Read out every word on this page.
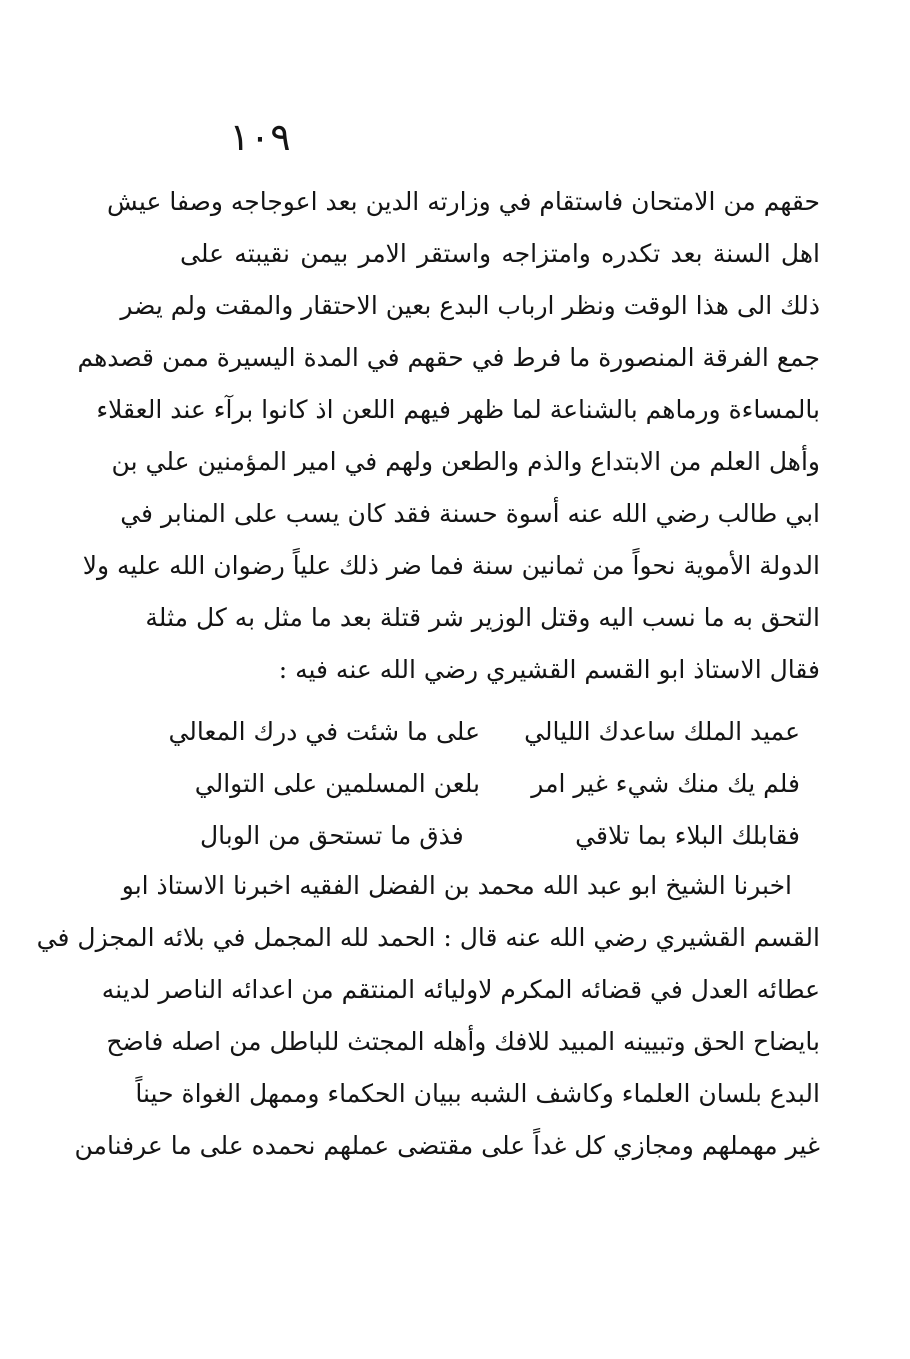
١٠٩
حقهم من الامتحان فاستقام في وزارته الدين بعد اعوجاجه وصفا عيش
اهل السنة بعد تكدره وامتزاجه واستقر الامر بيمن نقيبته على
ذلك الى هذا الوقت ونظر ارباب البدع بعين الاحتقار والمقت ولم يضر
جمع الفرقة المنصورة ما فرط في حقهم في المدة اليسيرة ممن قصدهم
بالمساءة ورماهم بالشناعة لما ظهر فيهم اللعن اذ كانوا برآء عند العقلاء
وأهل العلم من الابتداع والذم والطعن ولهم في امير المؤمنين علي بن
ابي طالب رضي الله عنه أسوة حسنة فقد كان يسب على المنابر في
الدولة الأموية نحواً من ثمانين سنة فما ضر ذلك علياً رضوان الله عليه ولا
التحق به ما نسب اليه وقتل الوزير شر قتلة بعد ما مثل به كل مثلة
فقال الاستاذ ابو القسم القشيري رضي الله عنه فيه :
عميد الملك ساعدك الليالي
على ما شئت في درك المعالي
فلم يك منك شيء غير امر
بلعن المسلمين على التوالي
فقابلك البلاء بما تلاقي
فذق ما تستحق من الوبال
اخبرنا الشيخ ابو عبد الله محمد بن الفضل الفقيه اخبرنا الاستاذ ابو
القسم القشيري رضي الله عنه قال : الحمد لله المجمل في بلائه المجزل في
عطائه العدل في قضائه المكرم لاوليائه المنتقم من اعدائه الناصر لدينه
بايضاح الحق وتبيينه المبيد للافك وأهله المجتث للباطل من اصله فاضح
البدع بلسان العلماء وكاشف الشبه ببيان الحكماء وممهل الغواة حيناً
غير مهملهم ومجازي كل غداً على مقتضى عملهم نحمده على ما عرفنامن
